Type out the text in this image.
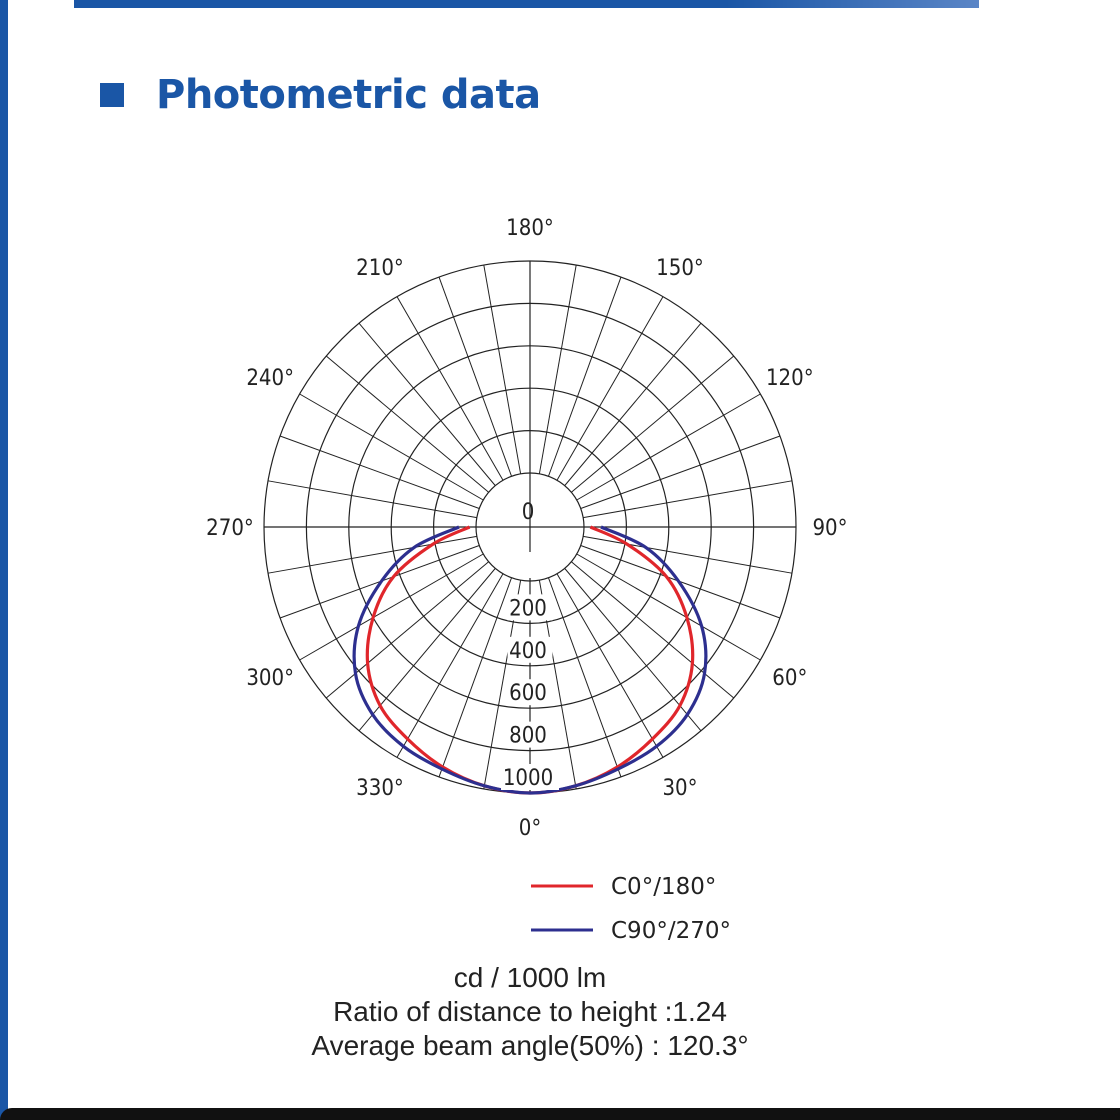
Photometric data
0
200
400
600
800
1000
0°
30°
60°
90°
120°
150°
180°
210°
240°
270°
300°
330°
C0°/180°
C90°/270°
cd / 1000 lm
Ratio of distance to height :1.24
Average beam angle(50%) : 120.3°
